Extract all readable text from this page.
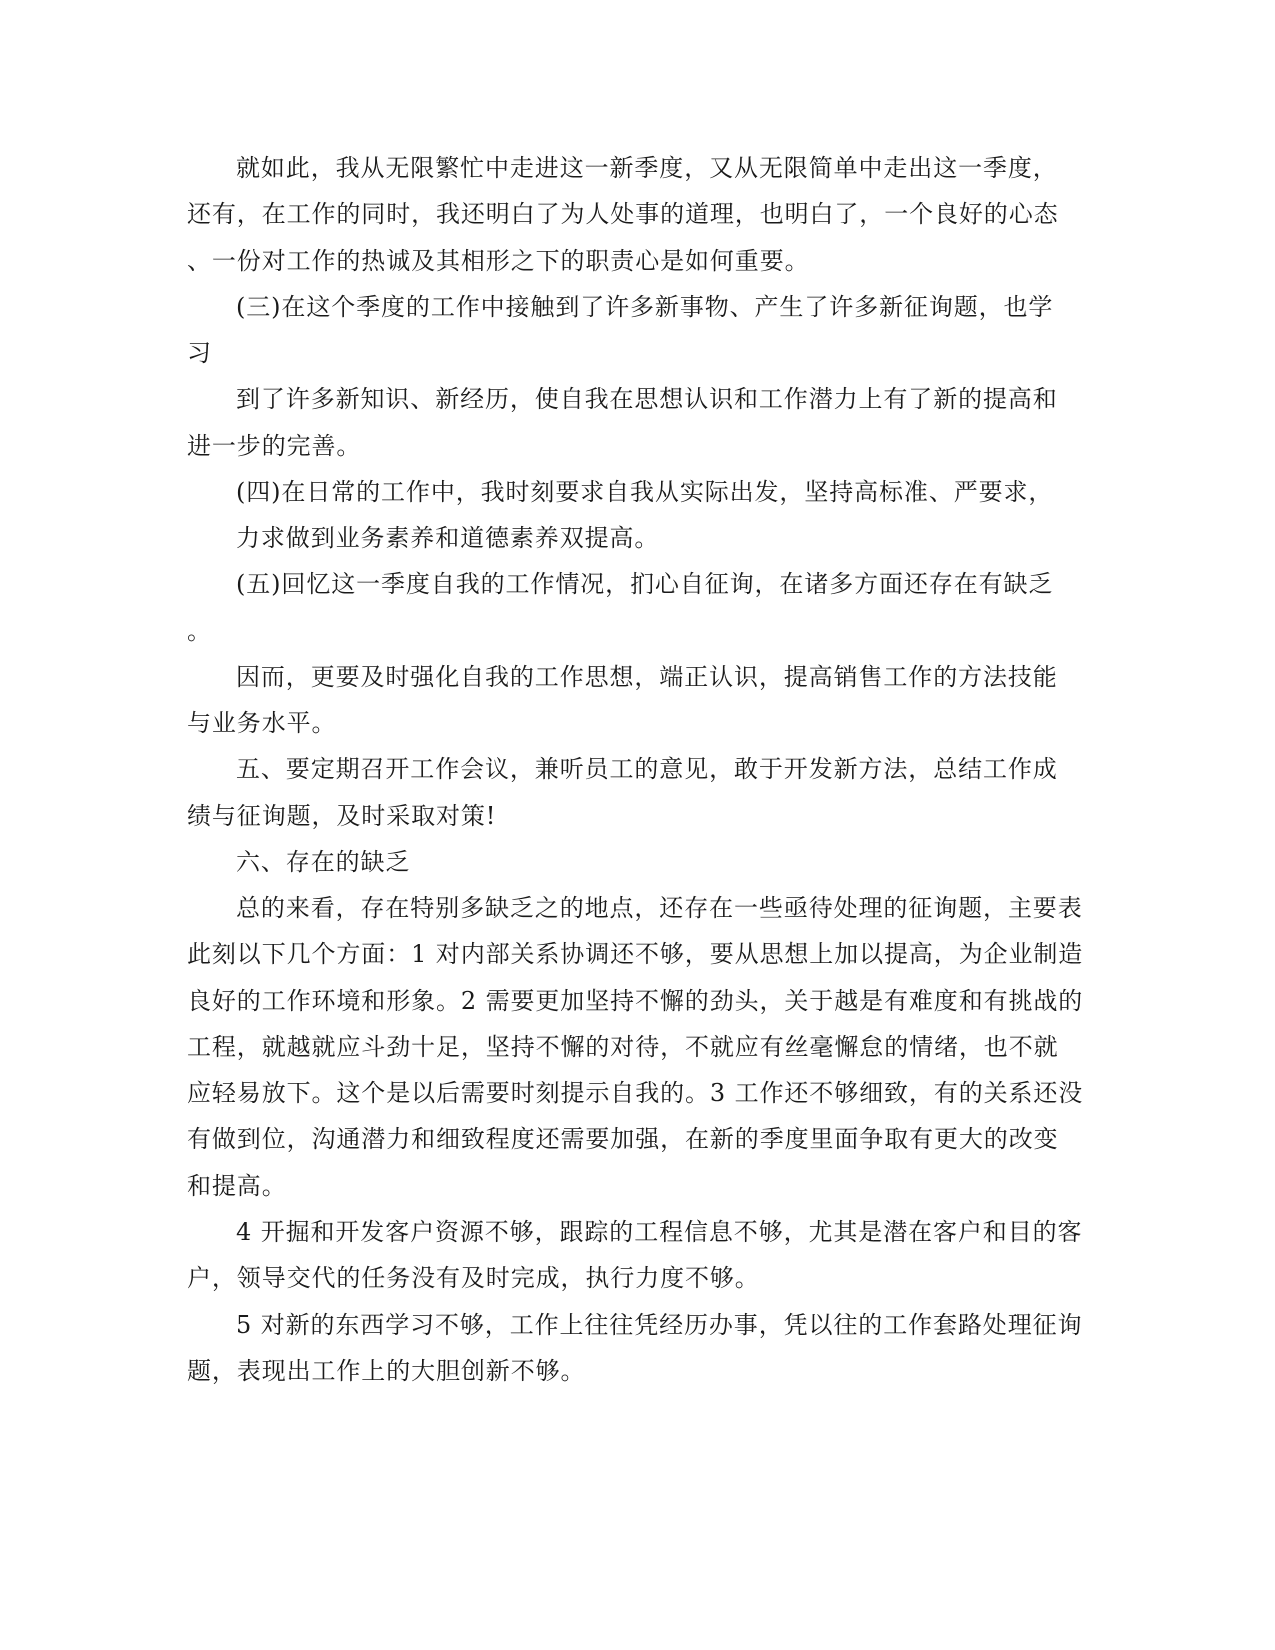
就如此，我从无限繁忙中走进这一新季度，又从无限简单中走出这一季度，
还有，在工作的同时，我还明白了为人处事的道理，也明白了，一个良好的心态
、一份对工作的热诚及其相形之下的职责心是如何重要。
(三)在这个季度的工作中接触到了许多新事物、产生了许多新征询题，也学
习
到了许多新知识、新经历，使自我在思想认识和工作潜力上有了新的提高和
进一步的完善。
(四)在日常的工作中，我时刻要求自我从实际出发，坚持高标准、严要求，
力求做到业务素养和道德素养双提高。
(五)回忆这一季度自我的工作情况，扪心自征询，在诸多方面还存在有缺乏
。
因而，更要及时强化自我的工作思想，端正认识，提高销售工作的方法技能
与业务水平。
五、要定期召开工作会议，兼听员工的意见，敢于开发新方法，总结工作成
绩与征询题，及时采取对策!
六、存在的缺乏
总的来看，存在特别多缺乏之的地点，还存在一些亟待处理的征询题，主要表
此刻以下几个方面：1 对内部关系协调还不够，要从思想上加以提高，为企业制造
良好的工作环境和形象。2 需要更加坚持不懈的劲头，关于越是有难度和有挑战的
工程，就越就应斗劲十足，坚持不懈的对待，不就应有丝毫懈怠的情绪，也不就
应轻易放下。这个是以后需要时刻提示自我的。3 工作还不够细致，有的关系还没
有做到位，沟通潜力和细致程度还需要加强，在新的季度里面争取有更大的改变
和提高。
4 开掘和开发客户资源不够，跟踪的工程信息不够，尤其是潜在客户和目的客
户，领导交代的任务没有及时完成，执行力度不够。
5 对新的东西学习不够，工作上往往凭经历办事，凭以往的工作套路处理征询
题，表现出工作上的大胆创新不够。
